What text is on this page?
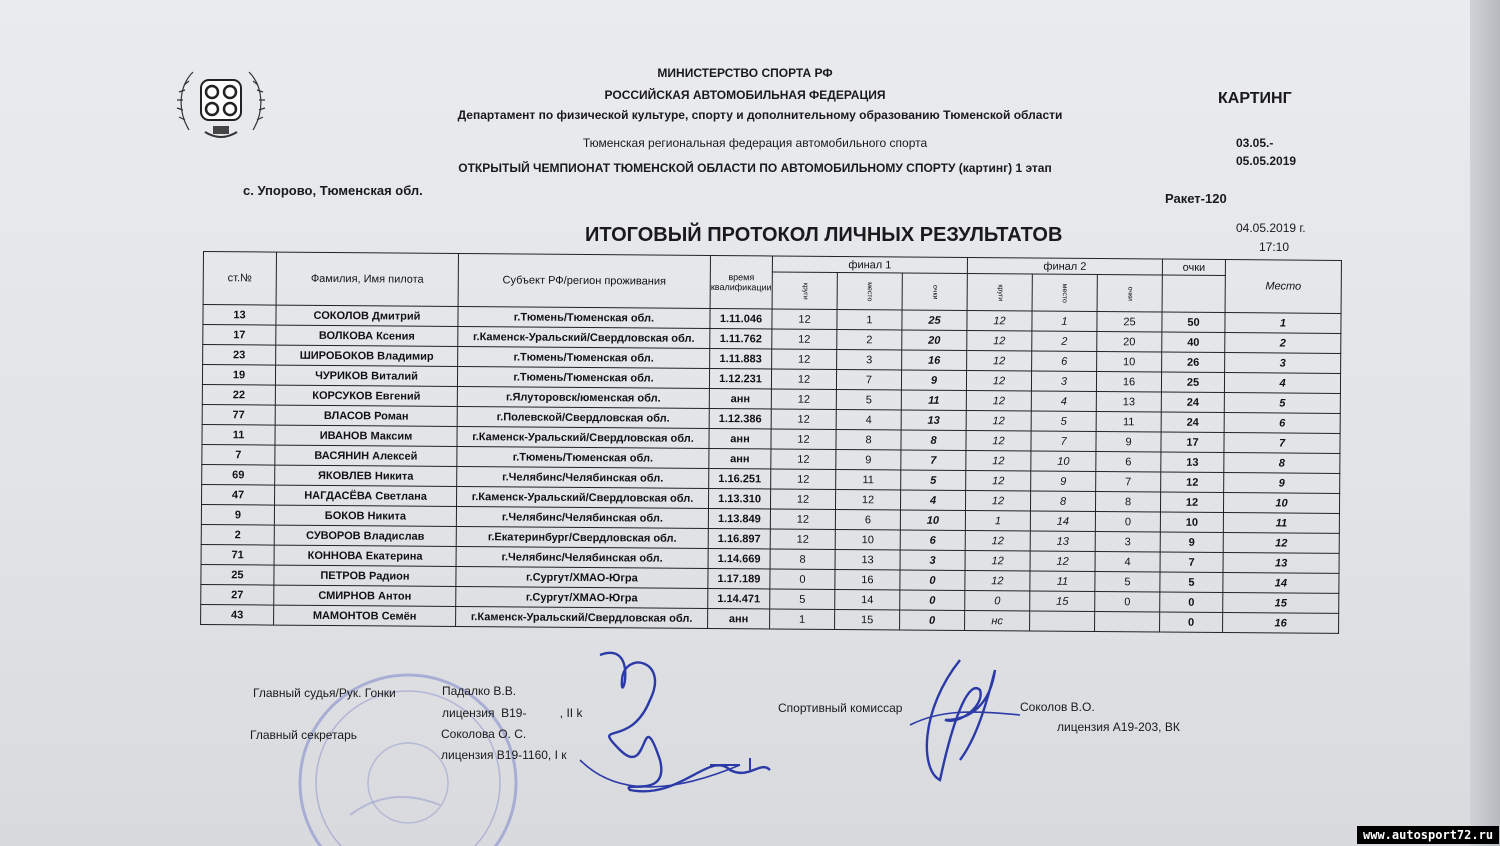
МИНИСТЕРСТВО СПОРТА РФ
РОССИЙСКАЯ АВТОМОБИЛЬНАЯ ФЕДЕРАЦИЯ
Департамент по физической культуре, спорту и дополнительному образованию Тюменской области
Тюменская региональная федерация автомобильного спорта
ОТКРЫТЫЙ ЧЕМПИОНАТ ТЮМЕНСКОЙ ОБЛАСТИ ПО АВТОМОБИЛЬНОМУ СПОРТУ (картинг) 1 этап
КАРТИНГ
03.05.-
05.05.2019
с. Упорово, Тюменская обл.
Ракет-120
ИТОГОВЫЙ ПРОТОКОЛ ЛИЧНЫХ РЕЗУЛЬТАТОВ	04.05.2019 г.
17:10
ст.№	Фамилия, Имя пилота	Субъект РФ/регион проживания	время квалификации	финал 1			финал 2			очки	Место
				круги	место	очки	круги	место	очки		
13	СОКОЛОВ Дмитрий	г.Тюмень/Тюменская обл.	1.11.046	12	1	25	12	1	25	50	1
17	ВОЛКОВА Ксения	г.Каменск-Уральский/Свердловская обл.	1.11.762	12	2	20	12	2	20	40	2
23	ШИРОБОКОВ Владимир	г.Тюмень/Тюменская обл.	1.11.883	12	3	16	12	6	10	26	3
19	ЧУРИКОВ Виталий	г.Тюмень/Тюменская обл.	1.12.231	12	7	9	12	3	16	25	4
22	КОРСУКОВ Евгений	г.Ялуторовск/юменская обл.	анн	12	5	11	12	4	13	24	5
77	ВЛАСОВ Роман	г.Полевской/Свердловская обл.	1.12.386	12	4	13	12	5	11	24	6
11	ИВАНОВ Максим	г.Каменск-Уральский/Свердловская обл.	анн	12	8	8	12	7	9	17	7
7	ВАСЯНИН Алексей	г.Тюмень/Тюменская обл.	анн	12	9	7	12	10	6	13	8
69	ЯКОВЛЕВ Никита	г.Челябинс/Челябинская обл.	1.16.251	12	11	5	12	9	7	12	9
47	НАГДАСЁВА Светлана	г.Каменск-Уральский/Свердловская обл.	1.13.310	12	12	4	12	8	8	12	10
9	БОКОВ Никита	г.Челябинс/Челябинская обл.	1.13.849	12	6	10	1	14	0	10	11
2	СУВОРОВ Владислав	г.Екатеринбург/Свердловская обл.	1.16.897	12	10	6	12	13	3	9	12
71	КОННОВА Екатерина	г.Челябинс/Челябинская обл.	1.14.669	8	13	3	12	12	4	7	13
25	ПЕТРОВ Радион	г.Сургут/ХМАО-Югра	1.17.189	0	16	0	12	11	5	5	14
27	СМИРНОВ Антон	г.Сургут/ХМАО-Югра	1.14.471	5	14	0	0	15	0	0	15
43	МАМОНТОВ Семён	г.Каменск-Уральский/Свердловская обл.	анн	1	15	0	нс			0	16
Главный судья/Рук. Гонки	Падалко В.В.
лицензия  В19-          , II k
Главный секретарь	Соколова О. С.
лицензия В19-1160, I к
Спортивный комиссар	Соколов В.О.
лицензия А19-203, ВК
www.autosport72.ru
